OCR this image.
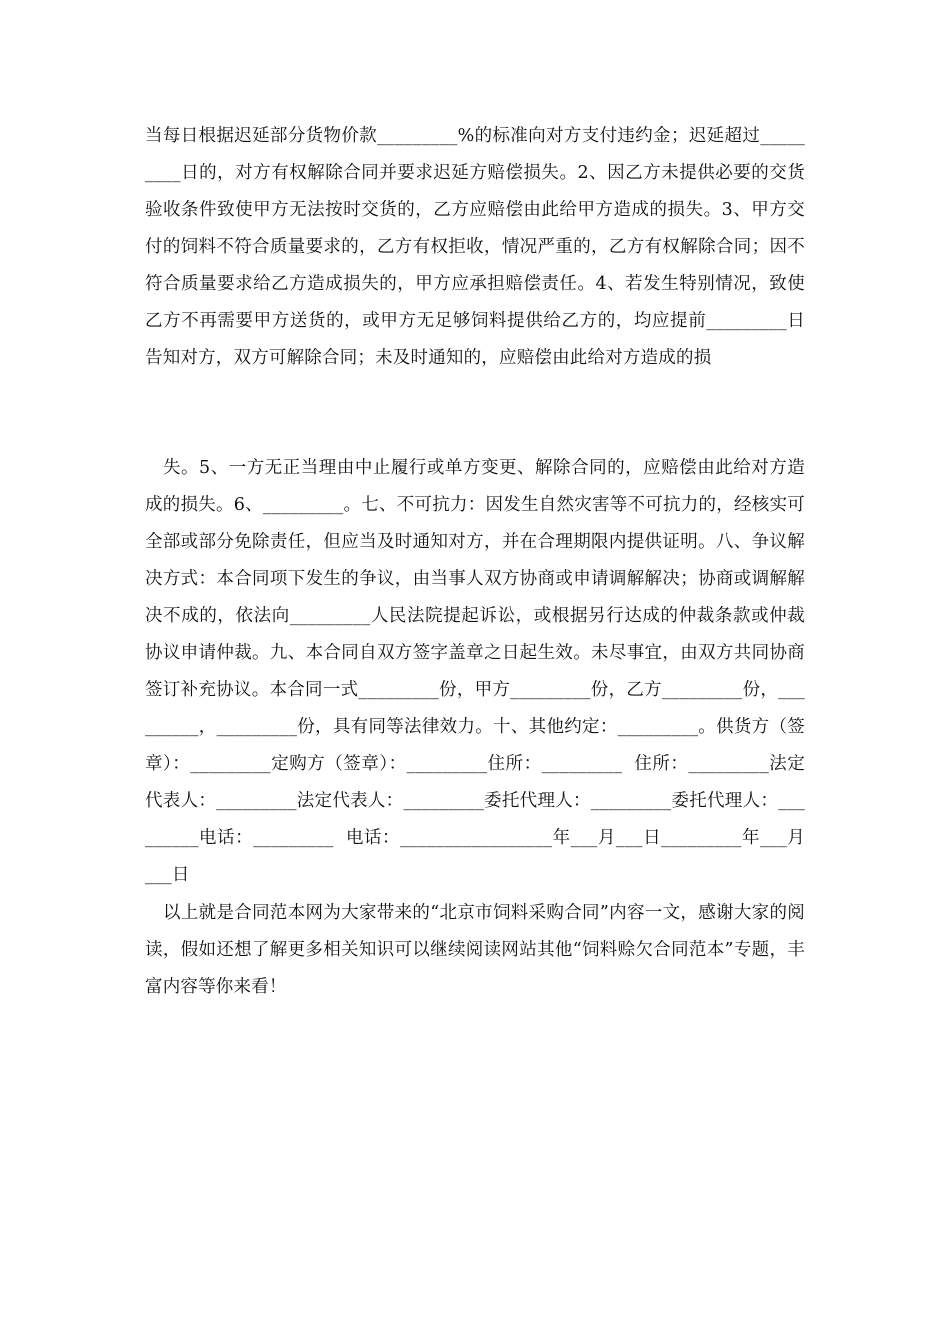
当每日根据迟延部分货物价款_________%的标准向对方支付违约金；迟延超过_________日的，对方有权解除合同并要求迟延方赔偿损失。2、因乙方未提供必要的交货验收条件致使甲方无法按时交货的，乙方应赔偿由此给甲方造成的损失。3、甲方交付的饲料不符合质量要求的，乙方有权拒收，情况严重的，乙方有权解除合同；因不符合质量要求给乙方造成损失的，甲方应承担赔偿责任。4、若发生特别情况，致使乙方不再需要甲方送货的，或甲方无足够饲料提供给乙方的，均应提前_________日告知对方，双方可解除合同；未及时通知的，应赔偿由此给对方造成的损

失。5、一方无正当理由中止履行或单方变更、解除合同的，应赔偿由此给对方造成的损失。6、_________。七、不可抗力：因发生自然灾害等不可抗力的，经核实可全部或部分免除责任，但应当及时通知对方，并在合理期限内提供证明。八、争议解决方式：本合同项下发生的争议，由当事人双方协商或申请调解解决；协商或调解解决不成的，依法向_________人民法院提起诉讼，或根据另行达成的仲裁条款或仲裁协议申请仲裁。九、本合同自双方签字盖章之日起生效。未尽事宜，由双方共同协商签订补充协议。本合同一式_________份，甲方_________份，乙方_________份，_________，_________份，具有同等法律效力。十、其他约定：_________。供货方（签章）：_________定购方（签章）：_________住所：_________  住所：_________法定代表人：_________法定代表人：_________委托代理人：_________委托代理人：_________电话：_________  电话：_________________年___月___日_________年___月___日

以上就是合同范本网为大家带来的“北京市饲料采购合同”内容一文，感谢大家的阅读，假如还想了解更多相关知识可以继续阅读网站其他“饲料赊欠合同范本”专题，丰富内容等你来看！
